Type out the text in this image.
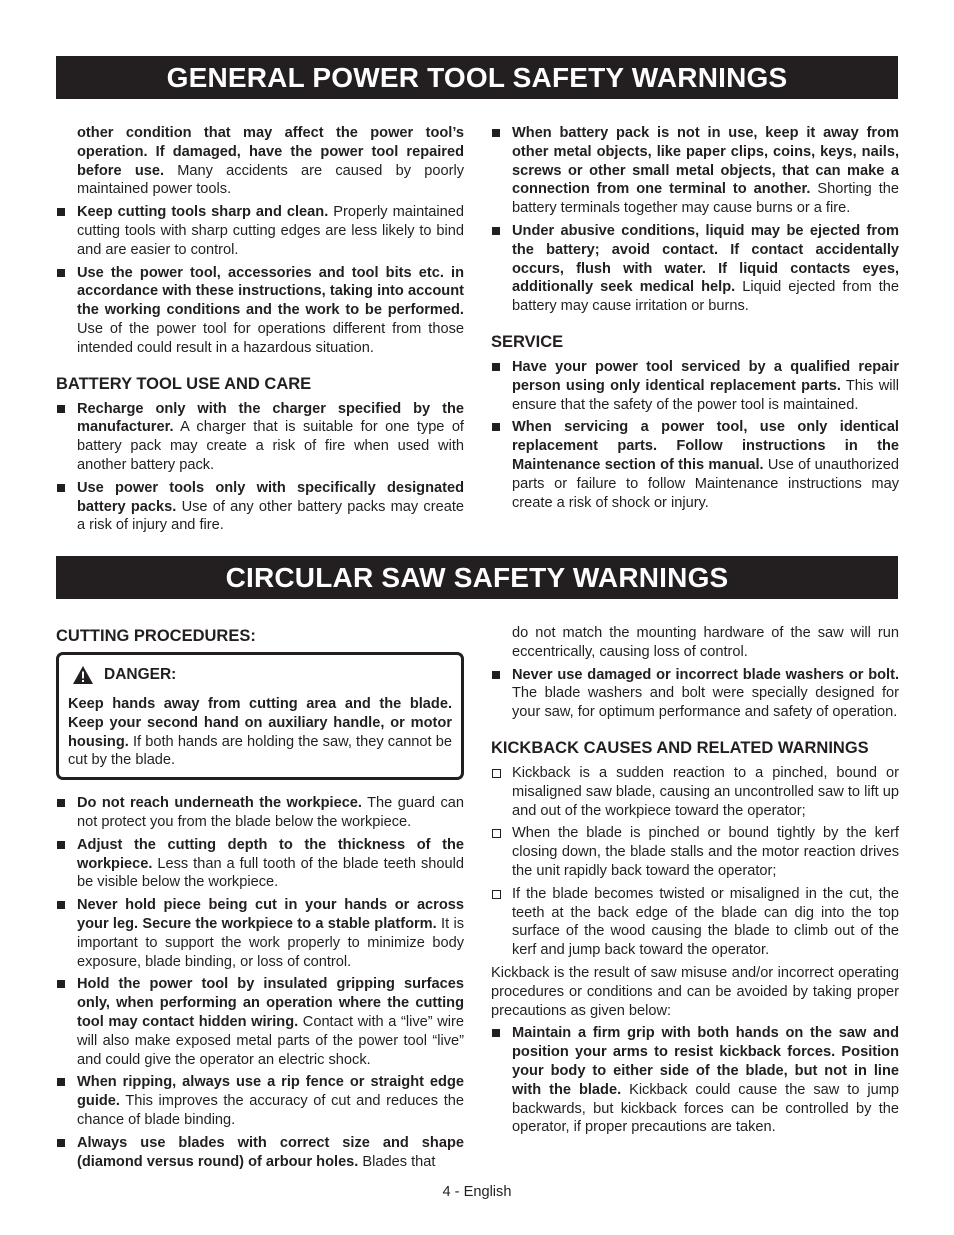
GENERAL POWER TOOL SAFETY WARNINGS

other condition that may affect the power tool’s operation. If damaged, have the power tool repaired before use. Many accidents are caused by poorly maintained power tools.

Keep cutting tools sharp and clean. Properly maintained cutting tools with sharp cutting edges are less likely to bind and are easier to control.
Use the power tool, accessories and tool bits etc. in accordance with these instructions, taking into account the working conditions and the work to be performed. Use of the power tool for operations different from those intended could result in a hazardous situation.
BATTERY TOOL USE AND CARE
Recharge only with the charger specified by the manufacturer. A charger that is suitable for one type of battery pack may create a risk of fire when used with another battery pack.
Use power tools only with specifically designated battery packs. Use of any other battery packs may create a risk of injury and fire.
When battery pack is not in use, keep it away from other metal objects, like paper clips, coins, keys, nails, screws or other small metal objects, that can make a connection from one terminal to another. Shorting the battery terminals together may cause burns or a fire.
Under abusive conditions, liquid may be ejected from the battery; avoid contact. If contact accidentally occurs, flush with water. If liquid contacts eyes, additionally seek medical help. Liquid ejected from the battery may cause irritation or burns.
SERVICE
Have your power tool serviced by a qualified repair person using only identical replacement parts. This will ensure that the safety of the power tool is maintained.
When servicing a power tool, use only identical replacement parts. Follow instructions in the Maintenance section of this manual. Use of unauthorized parts or failure to follow Maintenance instructions may create a risk of shock or injury.
CIRCULAR SAW SAFETY WARNINGS
CUTTING PROCEDURES:
DANGER:

Keep hands away from cutting area and the blade. Keep your second hand on auxiliary handle, or motor housing. If both hands are holding the saw, they cannot be cut by the blade.

Do not reach underneath the workpiece. The guard can not protect you from the blade below the workpiece.
Adjust the cutting depth to the thickness of the workpiece. Less than a full tooth of the blade teeth should be visible below the workpiece.
Never hold piece being cut in your hands or across your leg. Secure the workpiece to a stable platform. It is important to support the work properly to minimize body exposure, blade binding, or loss of control.
Hold the power tool by insulated gripping surfaces only, when performing an operation where the cutting tool may contact hidden wiring. Contact with a “live” wire will also make exposed metal parts of the power tool “live” and could give the operator an electric shock.
When ripping, always use a rip fence or straight edge guide. This improves the accuracy of cut and reduces the chance of blade binding.
Always use blades with correct size and shape (diamond versus round) of arbour holes. Blades that

do not match the mounting hardware of the saw will run eccentrically, causing loss of control.

Never use damaged or incorrect blade washers or bolt. The blade washers and bolt were specially designed for your saw, for optimum performance and safety of operation.
KICKBACK CAUSES AND RELATED WARNINGS
Kickback is a sudden reaction to a pinched, bound or misaligned saw blade, causing an uncontrolled saw to lift up and out of the workpiece toward the operator;
When the blade is pinched or bound tightly by the kerf closing down, the blade stalls and the motor reaction drives the unit rapidly back toward the operator;
If the blade becomes twisted or misaligned in the cut, the teeth at the back edge of the blade can dig into the top surface of the wood causing the blade to climb out of the kerf and jump back toward the operator.

Kickback is the result of saw misuse and/or incorrect operating procedures or conditions and can be avoided by taking proper precautions as given below:

Maintain a firm grip with both hands on the saw and position your arms to resist kickback forces. Position your body to either side of the blade, but not in line with the blade. Kickback could cause the saw to jump backwards, but kickback forces can be controlled by the operator, if proper precautions are taken.
4 - English
